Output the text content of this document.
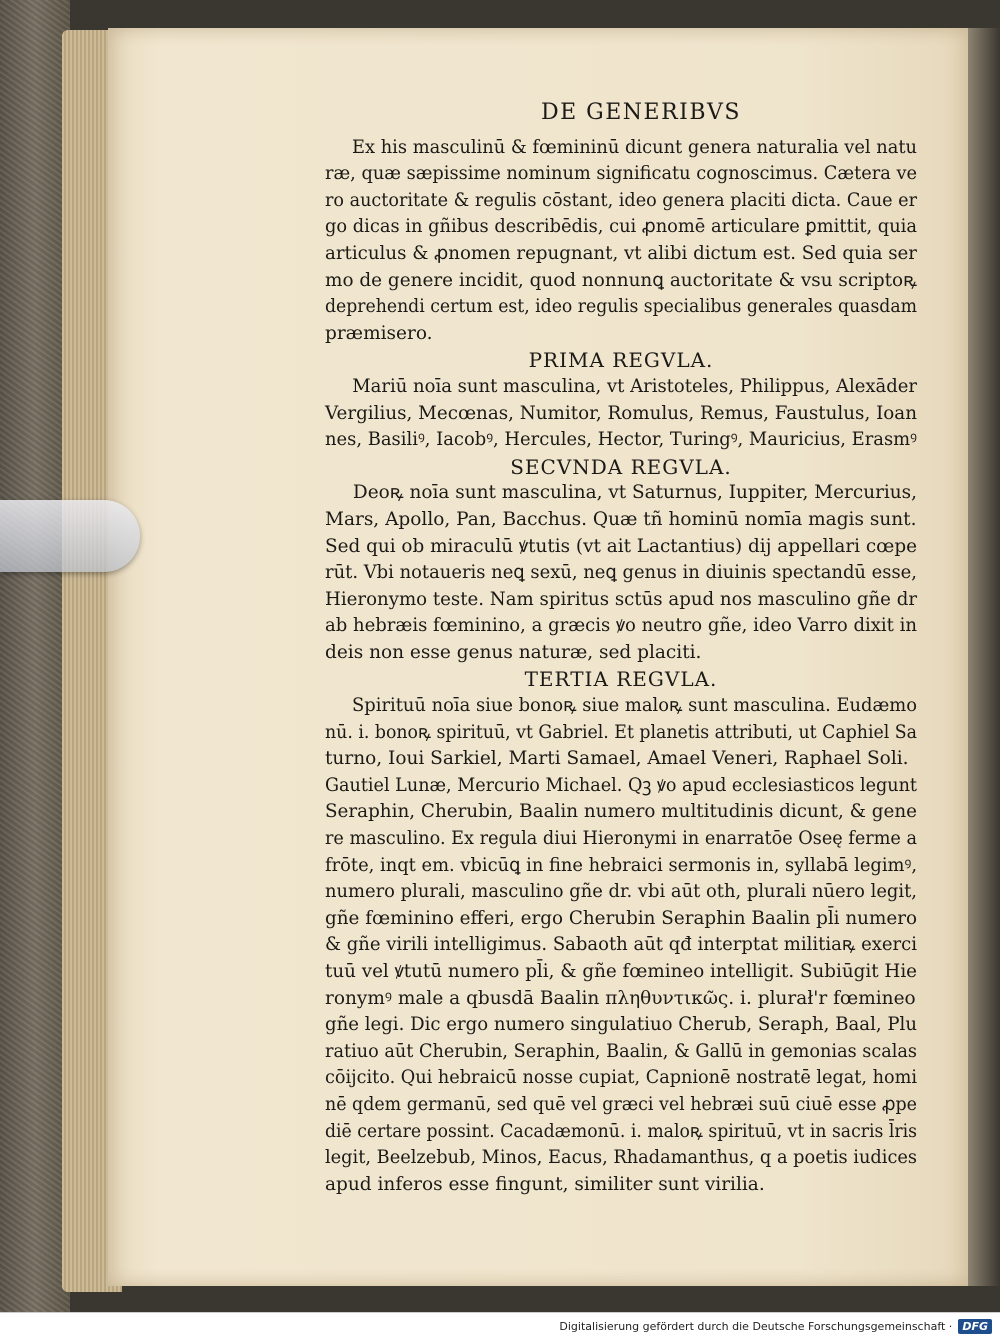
DE GENERIBVS
Ex his masculinū & fœmininū dicunt genera naturalia vel natu
ræ, quæ sæpissime nominum significatu cognoscimus. Cætera ve
ro auctoritate & regulis cōstant, ideo genera placiti dicta. Caue er
go dicas in gñibus describēdis, cui ꝓnomē articulare ꝑmittit, quia
articulus & ꝓnomen repugnant, vt alibi dictum est. Sed quia ser
mo de genere incidit, quod nonnunꝗ auctoritate & vsu scriptoꝶ
deprehendi certum est, ideo regulis specialibus generales quasdam
præmisero.
PRIMA REGVLA.
Mariū noīa sunt masculina, vt Aristoteles, Philippus, Alexāder
Vergilius, Mecœnas, Numitor, Romulus, Remus, Faustulus, Ioan
nes, Basiliꝰ, Iacobꝰ, Hercules, Hector, Turingꝰ, Mauricius, Erasmꝰ
SECVNDA REGVLA.
Deoꝶ noīa sunt masculina, vt Saturnus, Iuppiter, Mercurius,
Mars, Apollo, Pan, Bacchus. Quæ tñ hominū nomīa magis sunt.
Sed qui ob miraculū ꝟtutis (vt ait Lactantius) dij appellari cœpe
rūt. Vbi notaueris neꝗ sexū, neꝗ genus in diuinis spectandū esse,
Hieronymo teste. Nam spiritus sctūs apud nos masculino gñe dr
ab hebræis fœminino, a græcis ꝟo neutro gñe, ideo Varro dixit in
deis non esse genus naturæ, sed placiti.
TERTIA REGVLA.
Spirituū noīa siue bonoꝶ siue maloꝶ sunt masculina. Eudæmo
nū. i. bonoꝶ spirituū, vt Gabriel. Et planetis attributi, ut Caphiel Sa
turno, Ioui Sarkiel, Marti Samael, Amael Veneri, Raphael Soli.
Gautiel Lunæ, Mercurio Michael. Qꝫ ꝟo apud ecclesiasticos legunt
Seraphin, Cherubin, Baalin numero multitudinis dicunt, & gene
re masculino. Ex regula diui Hieronymi in enarratōe Oseę ferme a
frōte, inqt em. vbicūꝗ in fine hebraici sermonis in, syllabā legimꝰ,
numero plurali, masculino gñe dr. vbi aūt oth, plurali nūero legit,
gñe fœminino efferi, ergo Cherubin Seraphin Baalin pl̄i numero
& gñe virili intelligimus. Sabaoth aūt qđ interptat militiaꝶ exerci
tuū vel ꝟtutū numero pl̄i, & gñe fœmineo intelligit. Subiūgit Hie
ronymꝰ male a qbusdā Baalin πληθυντικῶς. i. plurał'r fœmineo
gñe legi. Dic ergo numero singulatiuo Cherub, Seraph, Baal, Plu
ratiuo aūt Cherubin, Seraphin, Baalin, & Gallū in gemonias scalas
cōijcito. Qui hebraicū nosse cupiat, Capnionē nostratē legat, homi
nē qdem germanū, sed quē vel græci vel hebræi suū ciuē esse ꝓpe
diē certare possint. Cacadæmonū. i. maloꝶ spirituū, vt in sacris l̄ris
legit, Beelzebub, Minos, Eacus, Rhadamanthus, q a poetis iudices
apud inferos esse fingunt, similiter sunt virilia.
Digitalisierung gefördert durch die Deutsche Forschungsgemeinschaft · DFG
